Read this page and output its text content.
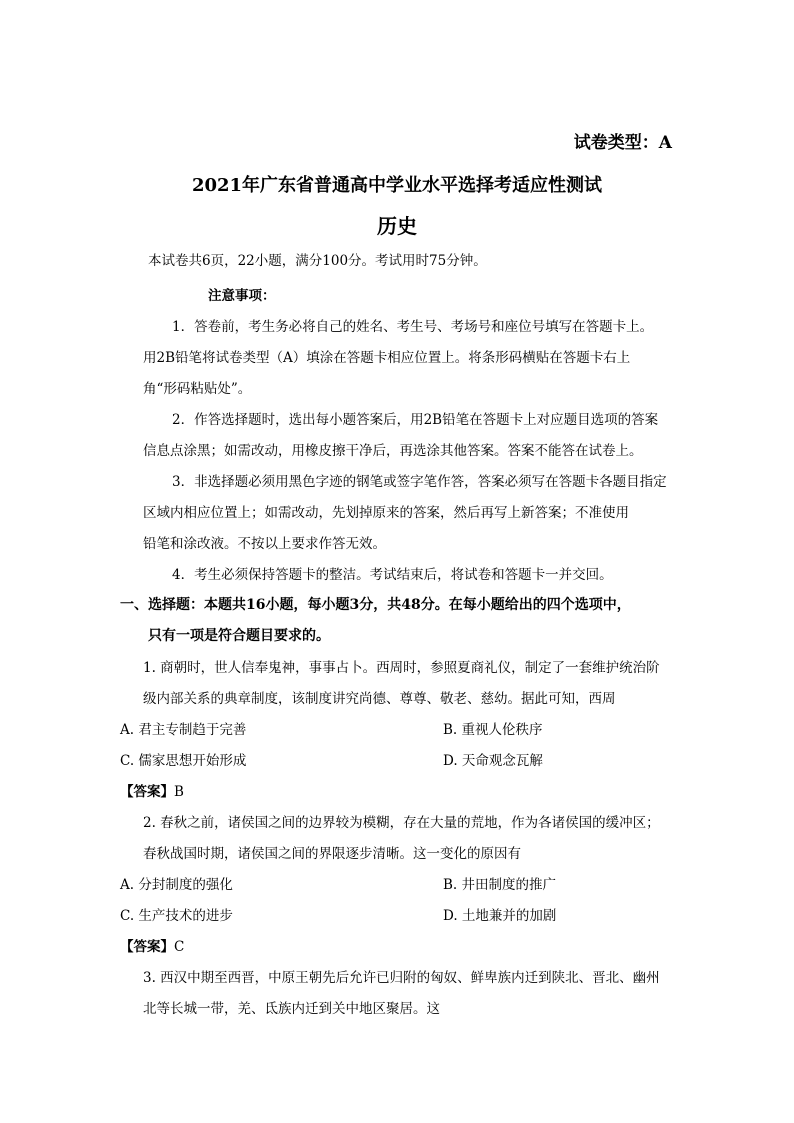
试卷类型：A
2021年广东省普通高中学业水平选择考适应性测试
历史
本试卷共6页，22小题，满分100分。考试用时75分钟。
注意事项：
1．答卷前，考生务必将自己的姓名、考生号、考场号和座位号填写在答题卡上。
用2B铅笔将试卷类型（A）填涂在答题卡相应位置上。将条形码横贴在答题卡右上
角“形码粘贴处”。
2．作答选择题时，选出每小题答案后，用2B铅笔在答题卡上对应题目选项的答案
信息点涂黑；如需改动，用橡皮擦干净后，再选涂其他答案。答案不能答在试卷上。
3．非选择题必须用黑色字迹的钢笔或签字笔作答，答案必须写在答题卡各题目指定
区域内相应位置上；如需改动，先划掉原来的答案，然后再写上新答案；不准使用
铅笔和涂改液。不按以上要求作答无效。
4．考生必须保持答题卡的整洁。考试结束后，将试卷和答题卡一并交回。
一、选择题：本题共16小题，每小题3分，共48分。在每小题给出的四个选项中，
只有一项是符合题目要求的。
1. 商朝时，世人信奉鬼神，事事占卜。西周时，参照夏商礼仪，制定了一套维护统治阶
级内部关系的典章制度，该制度讲究尚德、尊尊、敬老、慈幼。据此可知，西周
A. 君主专制趋于完善	B. 重视人伦秩序
C. 儒家思想开始形成	D. 天命观念瓦解
【答案】B
2. 春秋之前，诸侯国之间的边界较为模糊，存在大量的荒地，作为各诸侯国的缓冲区；
春秋战国时期，诸侯国之间的界限逐步清晰。这一变化的原因有
A. 分封制度的强化	B. 井田制度的推广
C. 生产技术的进步	D. 土地兼并的加剧
【答案】C
3. 西汉中期至西晋，中原王朝先后允许已归附的匈奴、鲜卑族内迁到陕北、晋北、幽州
北等长城一带，羌、氐族内迁到关中地区聚居。这
